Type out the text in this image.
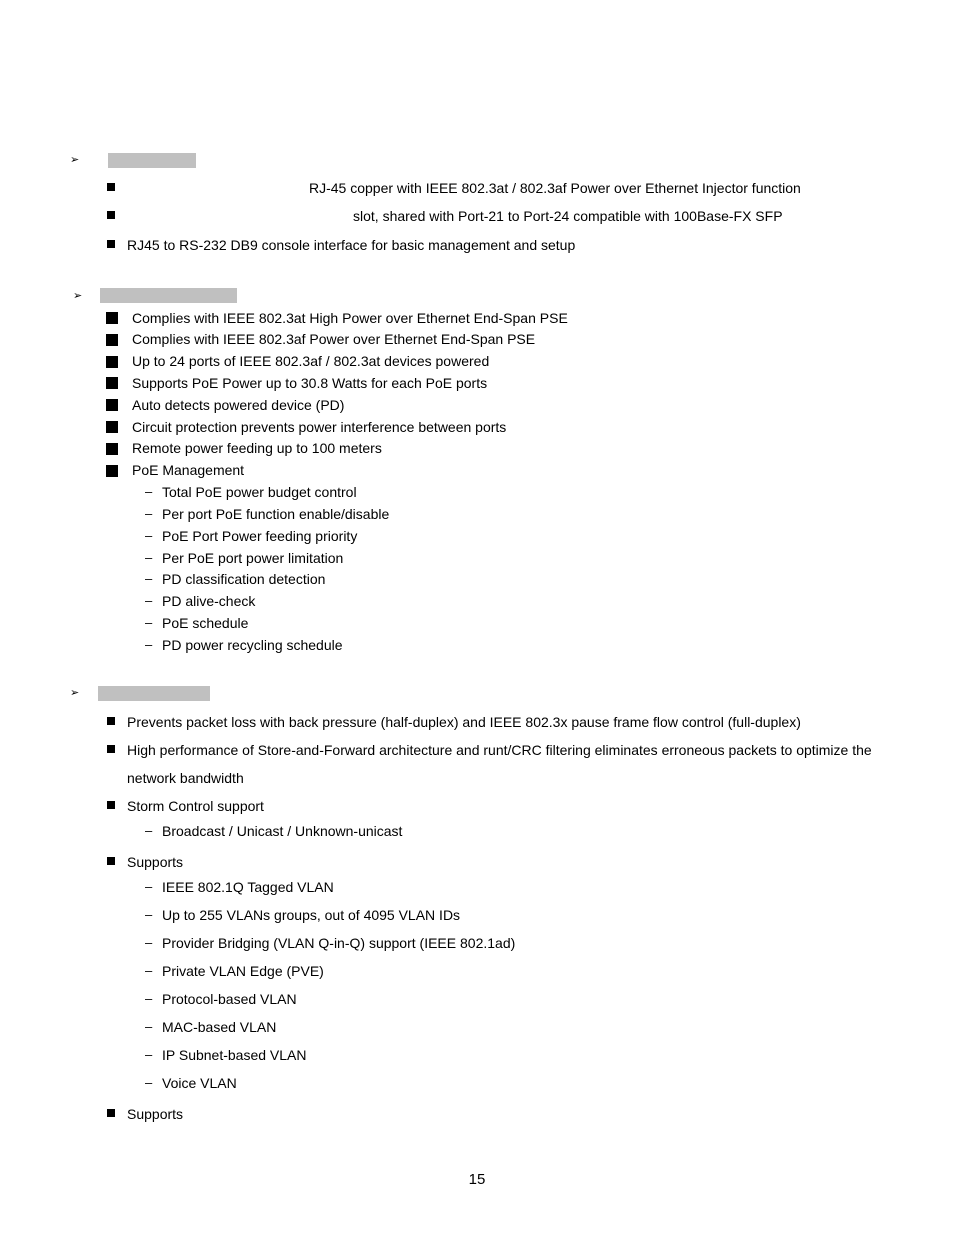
➢
RJ-45 copper with IEEE 802.3at / 802.3af Power over Ethernet Injector function
slot, shared with Port-21 to Port-24 compatible with 100Base-FX SFP
RJ45 to RS-232 DB9 console interface for basic management and setup
➢
Complies with IEEE 802.3at High Power over Ethernet End-Span PSE
Complies with IEEE 802.3af Power over Ethernet End-Span PSE
Up to 24 ports of IEEE 802.3af / 802.3at devices powered
Supports PoE Power up to 30.8 Watts for each PoE ports
Auto detects powered device (PD)
Circuit protection prevents power interference between ports
Remote power feeding up to 100 meters
PoE Management
– Total PoE power budget control
– Per port PoE function enable/disable
– PoE Port Power feeding priority
– Per PoE port power limitation
– PD classification detection
– PD alive-check
– PoE schedule
– PD power recycling schedule
➢
Prevents packet loss with back pressure (half-duplex) and IEEE 802.3x pause frame flow control (full-duplex)
High performance of Store-and-Forward architecture and runt/CRC filtering eliminates erroneous packets to optimize the
network bandwidth
Storm Control support
– Broadcast / Unicast / Unknown-unicast
Supports
– IEEE 802.1Q Tagged VLAN
– Up to 255 VLANs groups, out of 4095 VLAN IDs
– Provider Bridging (VLAN Q-in-Q) support (IEEE 802.1ad)
– Private VLAN Edge (PVE)
– Protocol-based VLAN
– MAC-based VLAN
– IP Subnet-based VLAN
– Voice VLAN
Supports
15
